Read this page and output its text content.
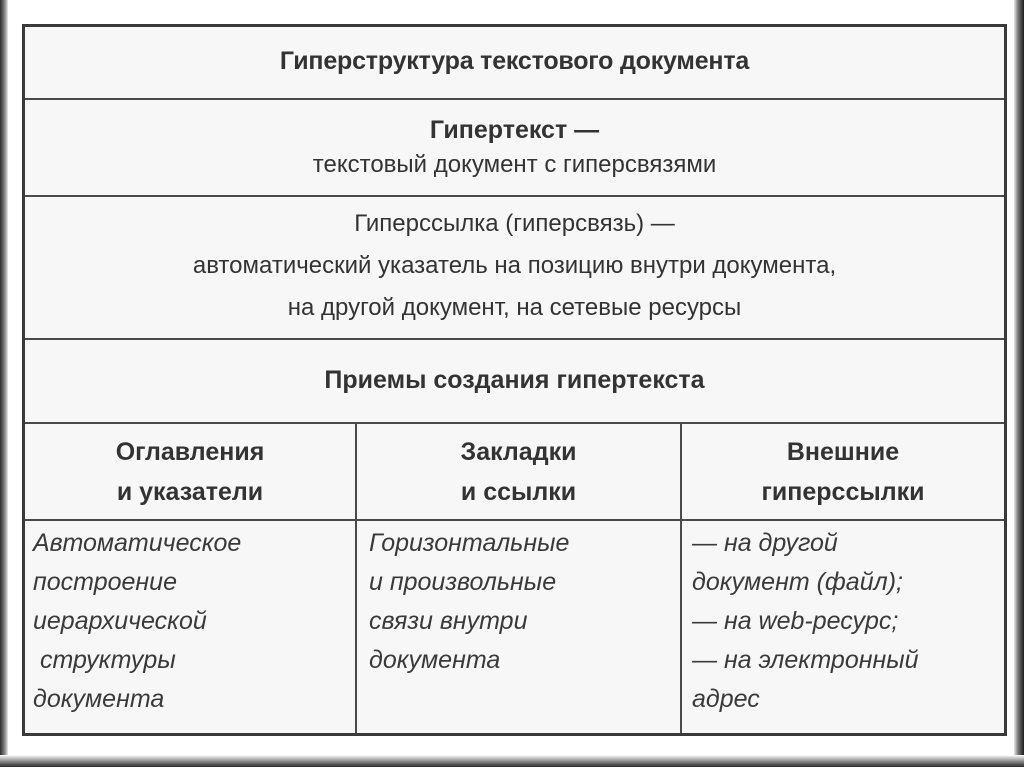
Гиперструктура текстового документа
Гипертекст —
текстовый документ с гиперсвязями
Гиперссылка (гиперсвязь) —
автоматический указатель на позицию внутри документа,
на другой документ, на сетевые ресурсы
Приемы создания гипертекста
Оглавления
и указатели
Закладки
и ссылки
Внешние
гиперссылки
Автоматическое
построение
иерархической
структуры
документа
Горизонтальные
и произвольные
связи внутри
документа
— на другой
документ (файл);
— на web-ресурс;
— на электронный
адрес
